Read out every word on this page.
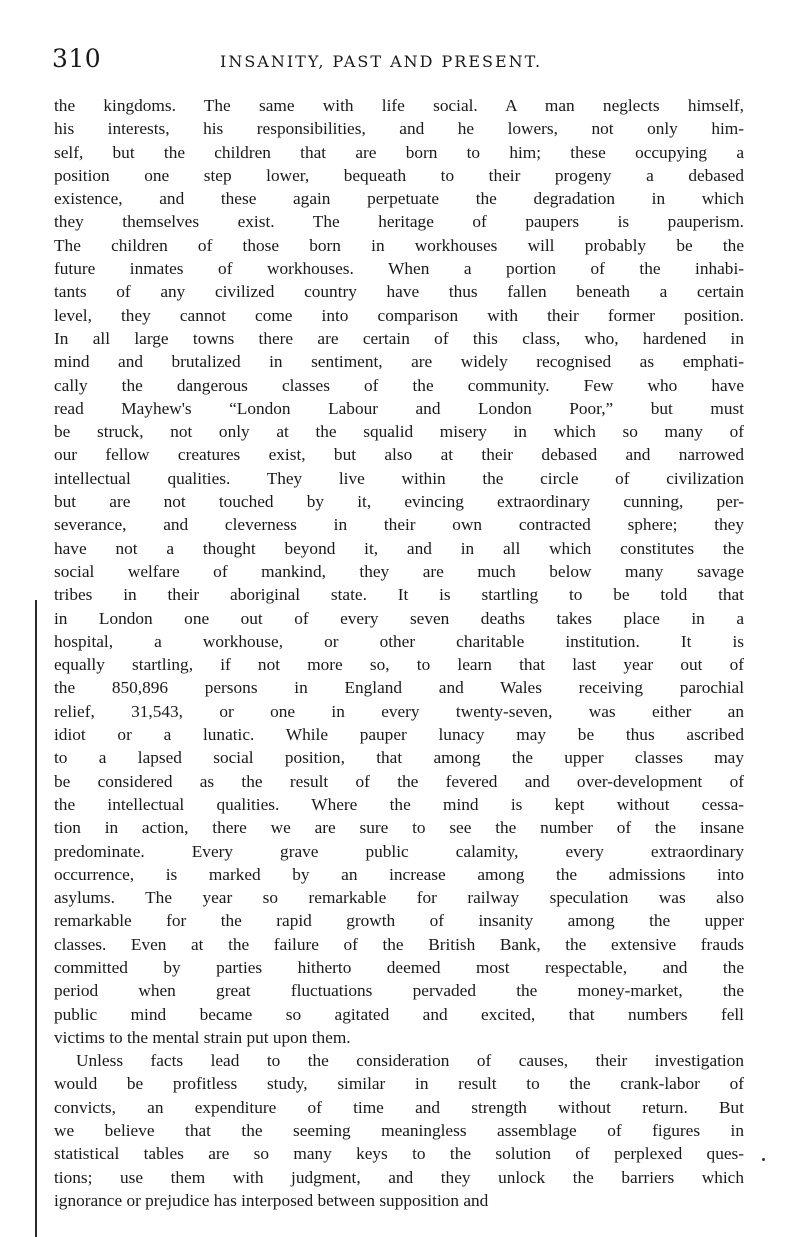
310	INSANITY, PAST AND PRESENT.
the kingdoms. The same with life social. A man neglects himself,
his interests, his responsibilities, and he lowers, not only him-
self, but the children that are born to him; these occupying a
position one step lower, bequeath to their progeny a debased
existence, and these again perpetuate the degradation in which
they themselves exist. The heritage of paupers is pauperism.
The children of those born in workhouses will probably be the
future inmates of workhouses. When a portion of the inhabi-
tants of any civilized country have thus fallen beneath a certain
level, they cannot come into comparison with their former position.
In all large towns there are certain of this class, who, hardened in
mind and brutalized in sentiment, are widely recognised as emphati-
cally the dangerous classes of the community. Few who have
read Mayhew's “London Labour and London Poor,” but must
be struck, not only at the squalid misery in which so many of
our fellow creatures exist, but also at their debased and narrowed
intellectual qualities. They live within the circle of civilization
but are not touched by it, evincing extraordinary cunning, per-
severance, and cleverness in their own contracted sphere; they
have not a thought beyond it, and in all which constitutes the
social welfare of mankind, they are much below many savage
tribes in their aboriginal state. It is startling to be told that
in London one out of every seven deaths takes place in a
hospital, a workhouse, or other charitable institution. It is
equally startling, if not more so, to learn that last year out of
the 850,896 persons in England and Wales receiving parochial
relief, 31,543, or one in every twenty-seven, was either an
idiot or a lunatic. While pauper lunacy may be thus ascribed
to a lapsed social position, that among the upper classes may
be considered as the result of the fevered and over-development of
the intellectual qualities. Where the mind is kept without cessa-
tion in action, there we are sure to see the number of the insane
predominate. Every grave public calamity, every extraordinary
occurrence, is marked by an increase among the admissions into
asylums. The year so remarkable for railway speculation was also
remarkable for the rapid growth of insanity among the upper
classes. Even at the failure of the British Bank, the extensive frauds
committed by parties hitherto deemed most respectable, and the
period when great fluctuations pervaded the money-market, the
public mind became so agitated and excited, that numbers fell
victims to the mental strain put upon them.
Unless facts lead to the consideration of causes, their investigation
would be profitless study, similar in result to the crank-labor of
convicts, an expenditure of time and strength without return. But
we believe that the seeming meaningless assemblage of figures in
statistical tables are so many keys to the solution of perplexed ques-
tions; use them with judgment, and they unlock the barriers which
ignorance or prejudice has interposed between supposition and
